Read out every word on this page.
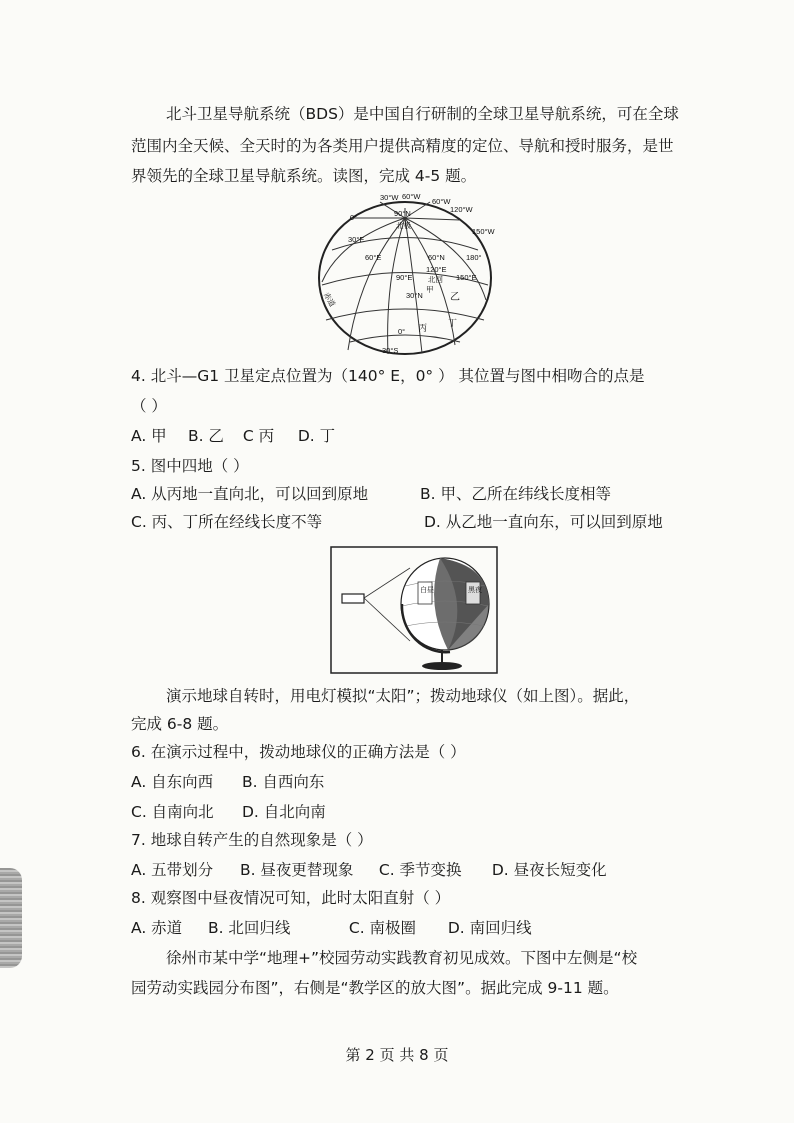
北斗卫星导航系统（BDS）是中国自行研制的全球卫星导航系统，可在全球
范围内全天候、全天时的为各类用户提供高精度的定位、导航和授时服务，是世
界领先的全球卫星导航系统。读图，完成 4-5 题。
30°W 60°W
60°W
120°W
0°	90°N
北极
150°W
30°E
60°E	60°N	180°
90°E
120°E
北回 150°E
甲
30°N	乙
赤道
0° 丙 丁
30°S
4. 北斗—G1 卫星定点位置为（140° E，0° ） 其位置与图中相吻合的点是
（ ）
A. 甲 B. 乙 C 丙 D. 丁
5. 图中四地（ ）
A. 从丙地一直向北，可以回到原地	B. 甲、乙所在纬线长度相等
C. 丙、丁所在经线长度不等	D. 从乙地一直向东，可以回到原地
白昼	黑夜
演示地球自转时，用电灯模拟“太阳”；拨动地球仪（如上图）。据此，
完成 6-8 题。
6. 在演示过程中，拨动地球仪的正确方法是（ ）
A. 自东向西 B. 自西向东
C. 自南向北 D. 自北向南
7. 地球自转产生的自然现象是（ ）
A. 五带划分 B. 昼夜更替现象 C. 季节变换 D. 昼夜长短变化
8. 观察图中昼夜情况可知，此时太阳直射（ ）
A. 赤道 B. 北回归线	C. 南极圈 D. 南回归线
徐州市某中学“地理+”校园劳动实践教育初见成效。下图中左侧是“校
园劳动实践园分布图”，右侧是“教学区的放大图”。据此完成 9-11 题。
第 2 页 共 8 页
